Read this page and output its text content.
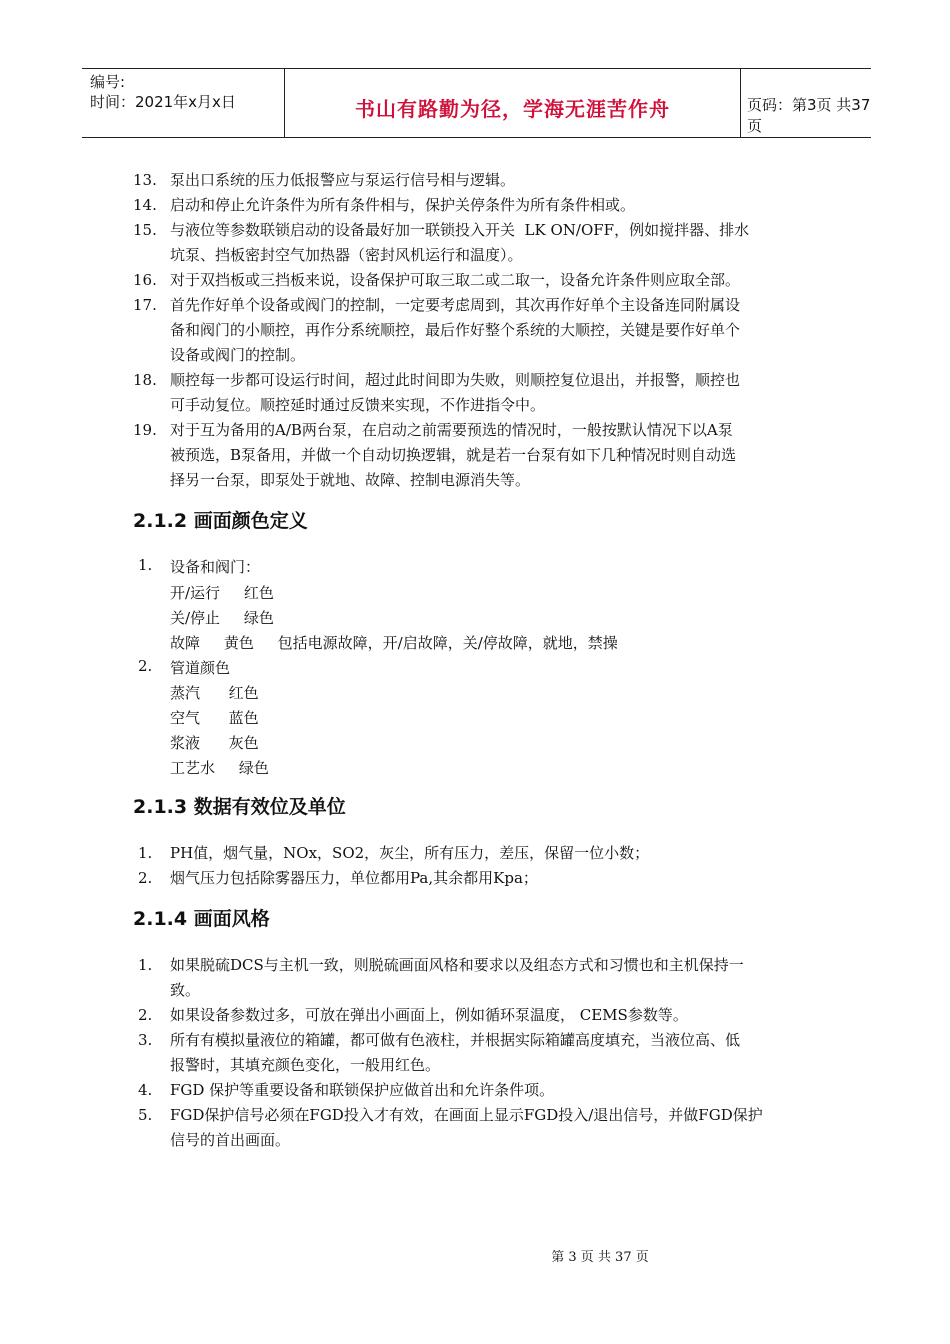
编号:
时间：2021年x月x日	书山有路勤为径，学海无涯苦作舟	页码：第3页 共37页
13. 泵出口系统的压力低报警应与泵运行信号相与逻辑。
14. 启动和停止允许条件为所有条件相与，保护关停条件为所有条件相或。
15. 与液位等参数联锁启动的设备最好加一联锁投入开关  LK ON/OFF，例如搅拌器、排水
坑泵、挡板密封空气加热器（密封风机运行和温度）。
16. 对于双挡板或三挡板来说，设备保护可取三取二或二取一，设备允许条件则应取全部。
17. 首先作好单个设备或阀门的控制，一定要考虑周到，其次再作好单个主设备连同附属设
备和阀门的小顺控，再作分系统顺控，最后作好整个系统的大顺控，关键是要作好单个
设备或阀门的控制。
18. 顺控每一步都可设运行时间，超过此时间即为失败，则顺控复位退出，并报警，顺控也
可手动复位。顺控延时通过反馈来实现，不作进指令中。
19. 对于互为备用的A/B两台泵，在启动之前需要预选的情况时，一般按默认情况下以A泵
被预选，B泵备用，并做一个自动切换逻辑，就是若一台泵有如下几种情况时则自动选
择另一台泵，即泵处于就地、故障、控制电源消失等。
2.1.2 画面颜色定义
1. 设备和阀门：
开/运行     红色
关/停止     绿色
故障     黄色     包括电源故障，开/启故障，关/停故障，就地，禁操
2. 管道颜色
蒸汽      红色
空气      蓝色
浆液      灰色
工艺水     绿色
2.1.3 数据有效位及单位
1. PH值，烟气量，NOx，SO2，灰尘，所有压力，差压，保留一位小数；
2. 烟气压力包括除雾器压力，单位都用Pa,其余都用Kpa；
2.1.4 画面风格
1. 如果脱硫DCS与主机一致，则脱硫画面风格和要求以及组态方式和习惯也和主机保持一
致。
2. 如果设备参数过多，可放在弹出小画面上，例如循环泵温度， CEMS参数等。
3. 所有有模拟量液位的箱罐，都可做有色液柱，并根据实际箱罐高度填充，当液位高、低
报警时，其填充颜色变化，一般用红色。
4. FGD 保护等重要设备和联锁保护应做首出和允许条件项。
5. FGD保护信号必须在FGD投入才有效，在画面上显示FGD投入/退出信号，并做FGD保护
信号的首出画面。
第 3 页 共 37 页
